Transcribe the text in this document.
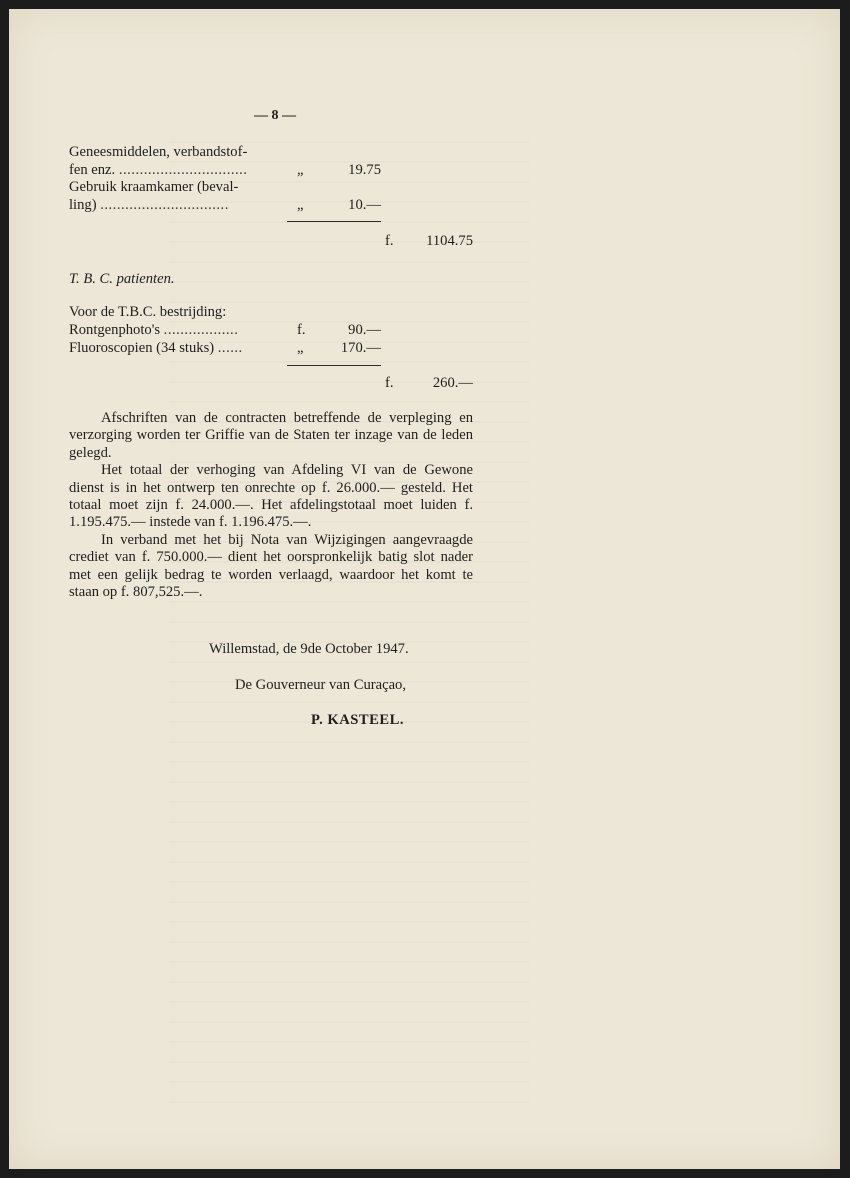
— 8 —
Geneesmiddelen, verbandstof-
fen enz. ...............................	„	19.75
Gebruik kraamkamer (beval-
ling) ...............................	„	10.—
f.	1104.75
T. B. C. patienten.
Voor de T.B.C. bestrijding:
Rontgenphoto's ..................	f.	90.—
Fluoroscopien (34 stuks) ......	„	170.—
f.	260.—

Afschriften van de contracten betreffende de verpleging en verzorging worden ter Griffie van de Staten ter inzage van de leden gelegd.

Het totaal der verhoging van Afdeling VI van de Gewone dienst is in het ontwerp ten onrechte op f. 26.000.— gesteld. Het totaal moet zijn f. 24.000.—. Het afdelingstotaal moet luiden f. 1.195.475.— instede van f. 1.196.475.—.

In verband met het bij Nota van Wijzigingen aangevraagde crediet van f. 750.000.— dient het oorspronkelijk batig slot nader met een gelijk bedrag te worden verlaagd, waardoor het komt te staan op f. 807,525.—.

Willemstad, de 9de October 1947.
De Gouverneur van Curaçao,
P. KASTEEL.
